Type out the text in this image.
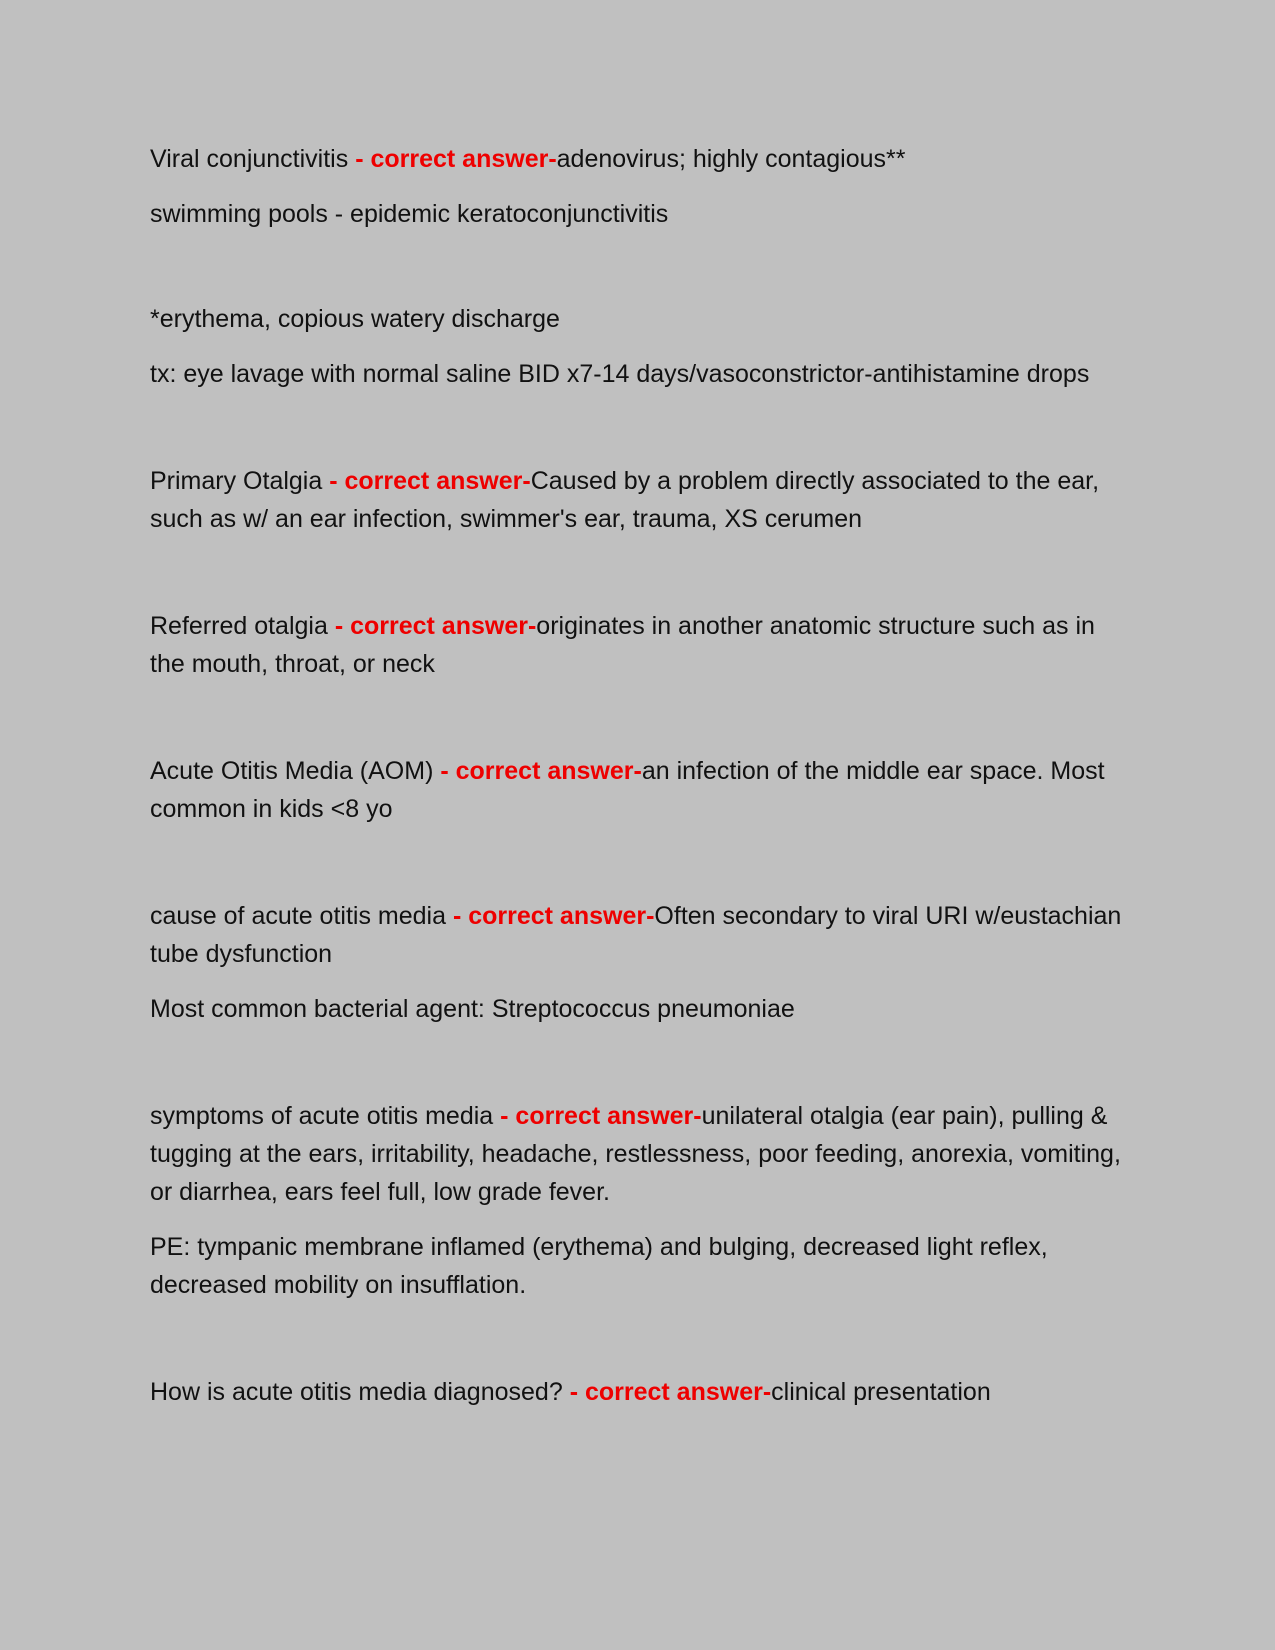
Viral conjunctivitis - correct answer-adenovirus; highly contagious**

swimming pools - epidemic keratoconjunctivitis

*erythema, copious watery discharge

tx: eye lavage with normal saline BID x7-14 days/vasoconstrictor-antihistamine drops

Primary Otalgia - correct answer-Caused by a problem directly associated to the ear, such as w/ an ear infection, swimmer's ear, trauma, XS cerumen

Referred otalgia - correct answer-originates in another anatomic structure such as in the mouth, throat, or neck

Acute Otitis Media (AOM) - correct answer-an infection of the middle ear space. Most common in kids <8 yo

cause of acute otitis media - correct answer-Often secondary to viral URI w/eustachian tube dysfunction

Most common bacterial agent: Streptococcus pneumoniae

symptoms of acute otitis media - correct answer-unilateral otalgia (ear pain), pulling & tugging at the ears, irritability, headache, restlessness, poor feeding, anorexia, vomiting, or diarrhea, ears feel full, low grade fever.

PE: tympanic membrane inflamed (erythema) and bulging, decreased light reflex, decreased mobility on insufflation.

How is acute otitis media diagnosed? - correct answer-clinical presentation
